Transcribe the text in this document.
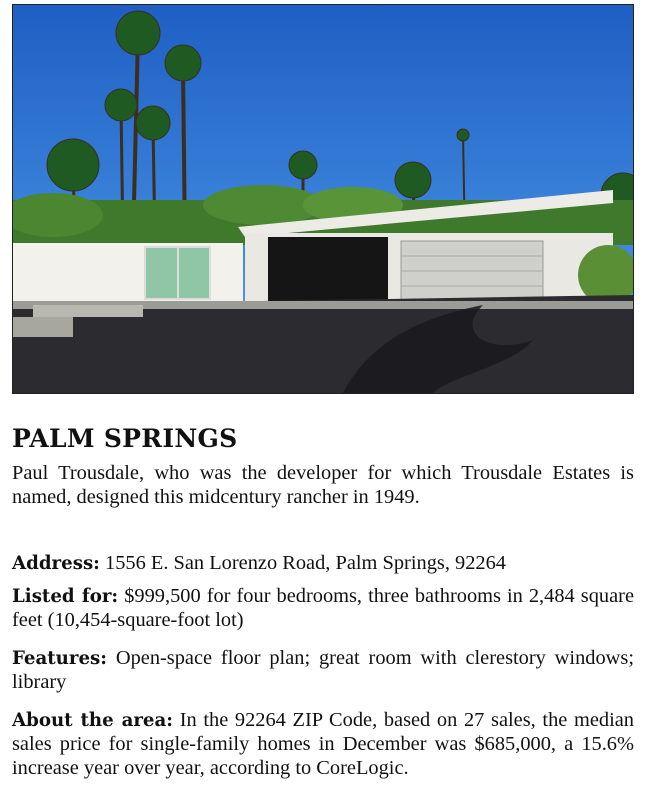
PALM SPRINGS

Paul Trousdale, who was the developer for which Trousdale Estates is named, designed this midcentury rancher in 1949.

Address: 1556 E. San Lorenzo Road, Palm Springs, 92264

Listed for: $999,500 for four bedrooms, three bathrooms in 2,484 square feet (10,454-square-foot lot)

Features: Open-space floor plan; great room with clerestory windows; library

About the area: In the 92264 ZIP Code, based on 27 sales, the median sales price for single-family homes in December was $685,000, a 15.6% increase year over year, according to CoreLogic.
